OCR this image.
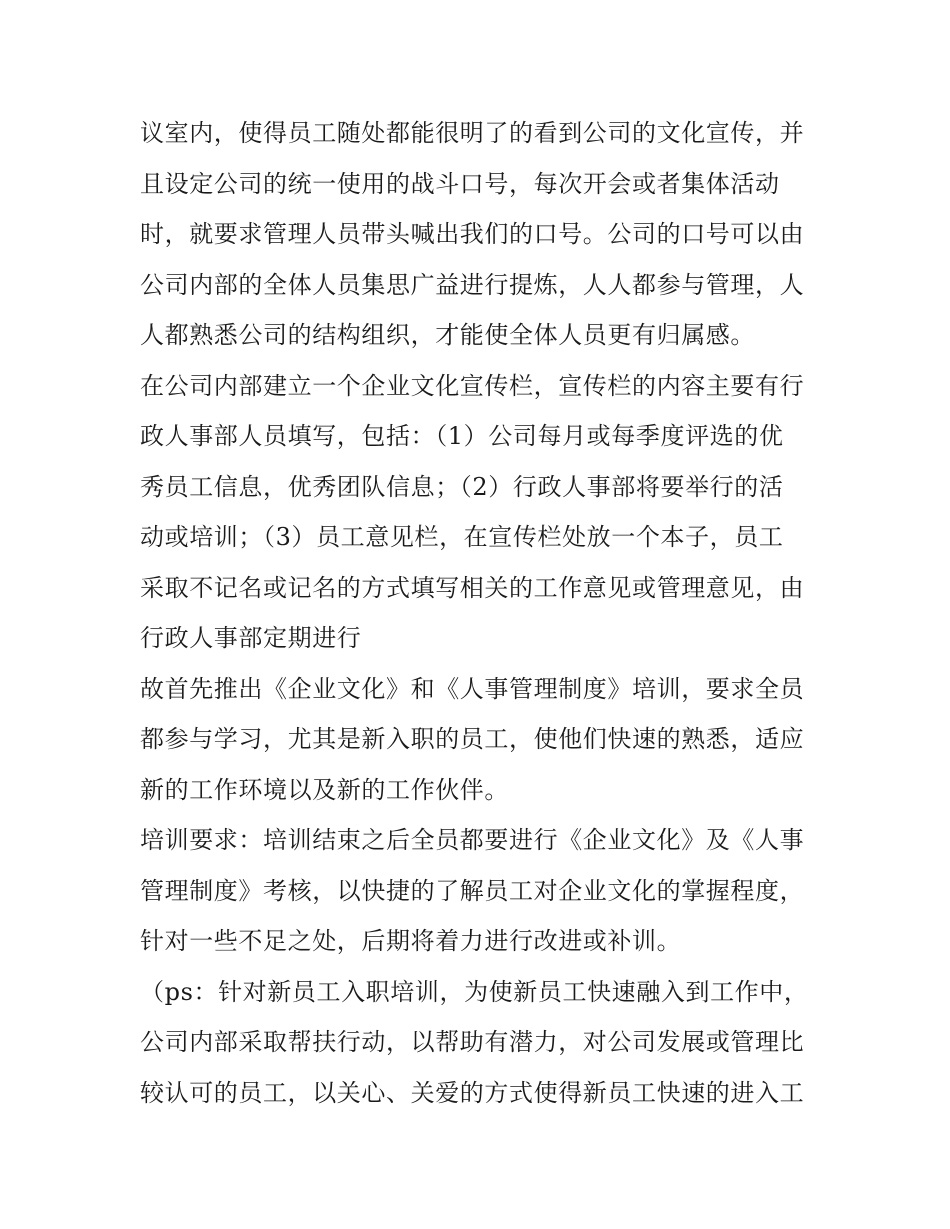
议室内，使得员工随处都能很明了的看到公司的文化宣传，并
且设定公司的统一使用的战斗口号，每次开会或者集体活动
时，就要求管理人员带头喊出我们的口号。公司的口号可以由
公司内部的全体人员集思广益进行提炼，人人都参与管理，人
人都熟悉公司的结构组织，才能使全体人员更有归属感。
在公司内部建立一个企业文化宣传栏，宣传栏的内容主要有行
政人事部人员填写，包括：（1）公司每月或每季度评选的优
秀员工信息，优秀团队信息；（2）行政人事部将要举行的活
动或培训；（3）员工意见栏，在宣传栏处放一个本子，员工
采取不记名或记名的方式填写相关的工作意见或管理意见，由
行政人事部定期进行
故首先推出《企业文化》和《人事管理制度》培训，要求全员
都参与学习，尤其是新入职的员工，使他们快速的熟悉，适应
新的工作环境以及新的工作伙伴。
培训要求：培训结束之后全员都要进行《企业文化》及《人事
管理制度》考核，以快捷的了解员工对企业文化的掌握程度，
针对一些不足之处，后期将着力进行改进或补训。
（ps：针对新员工入职培训，为使新员工快速融入到工作中，
公司内部采取帮扶行动，以帮助有潜力，对公司发展或管理比
较认可的员工，以关心、关爱的方式使得新员工快速的进入工
